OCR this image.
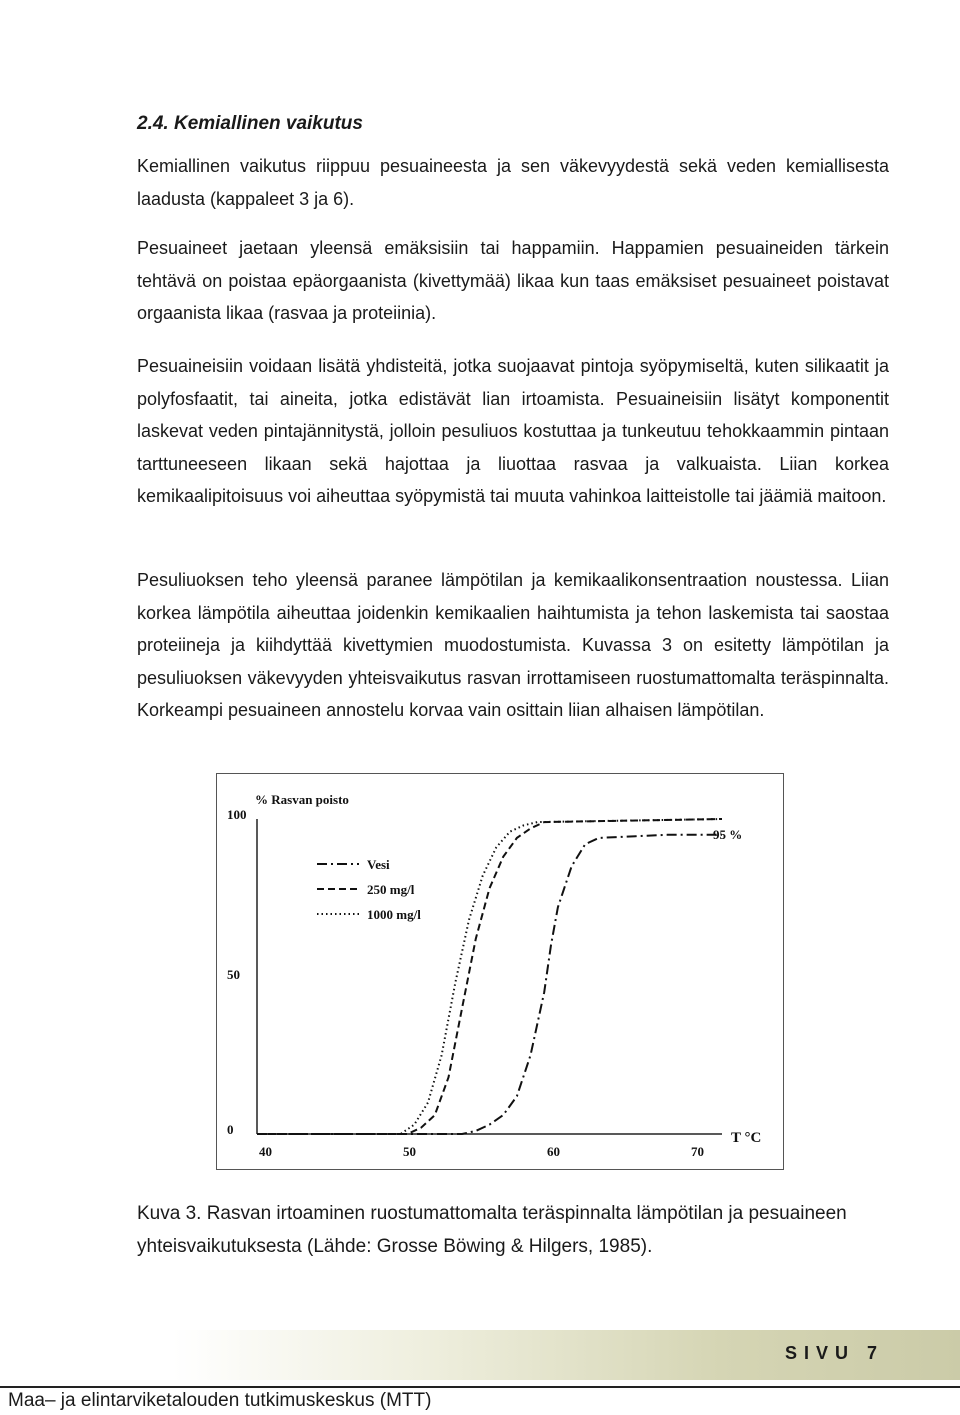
2.4. Kemiallinen vaikutus

Kemiallinen vaikutus riippuu pesuaineesta ja sen väkevyydestä sekä veden kemiallisesta laadusta (kappaleet 3 ja 6).

Pesuaineet jaetaan yleensä emäksisiin tai happamiin. Happamien pesuaineiden tärkein tehtävä on poistaa epäorgaanista (kivettymää) likaa kun taas emäksiset pesuaineet poistavat orgaanista likaa (rasvaa ja proteiinia).

Pesuaineisiin voidaan lisätä yhdisteitä, jotka suojaavat pintoja syöpymiseltä, kuten silikaatit ja polyfosfaatit, tai aineita, jotka edistävät lian irtoamista. Pesuaineisiin lisätyt komponentit laskevat veden pintajännitystä, jolloin pesuliuos kostuttaa ja tunkeutuu tehokkaammin pintaan tarttuneeseen likaan sekä hajottaa ja liuottaa rasvaa ja valkuaista. Liian korkea kemikaalipitoisuus voi aiheuttaa syöpymistä tai muuta vahinkoa laitteistolle tai jäämiä maitoon.

Pesuliuoksen teho yleensä paranee lämpötilan ja kemikaalikonsentraation noustessa. Liian korkea lämpötila aiheuttaa joidenkin kemikaalien haihtumista ja tehon laskemista tai saostaa proteiineja ja kiihdyttää kivettymien muodostumista. Kuvassa 3 on esitetty lämpötilan ja pesuliuoksen väkevyyden yhteisvaikutus rasvan irrottamiseen ruostumattomalta teräspinnalta. Korkeampi pesuaineen annostelu korvaa vain osittain liian alhaisen lämpötilan.

% Rasvan poisto
T °C
95 %
100
50
0
40	50	60	70
Vesi
250 mg/l
1000 mg/l

Kuva 3. Rasvan irtoaminen ruostumattomalta teräspinnalta lämpötilan ja pesuaineen yhteisvaikutuksesta (Lähde: Grosse Böwing & Hilgers, 1985).

SIVU 7

Maa– ja elintarviketalouden tutkimuskeskus (MTT)
